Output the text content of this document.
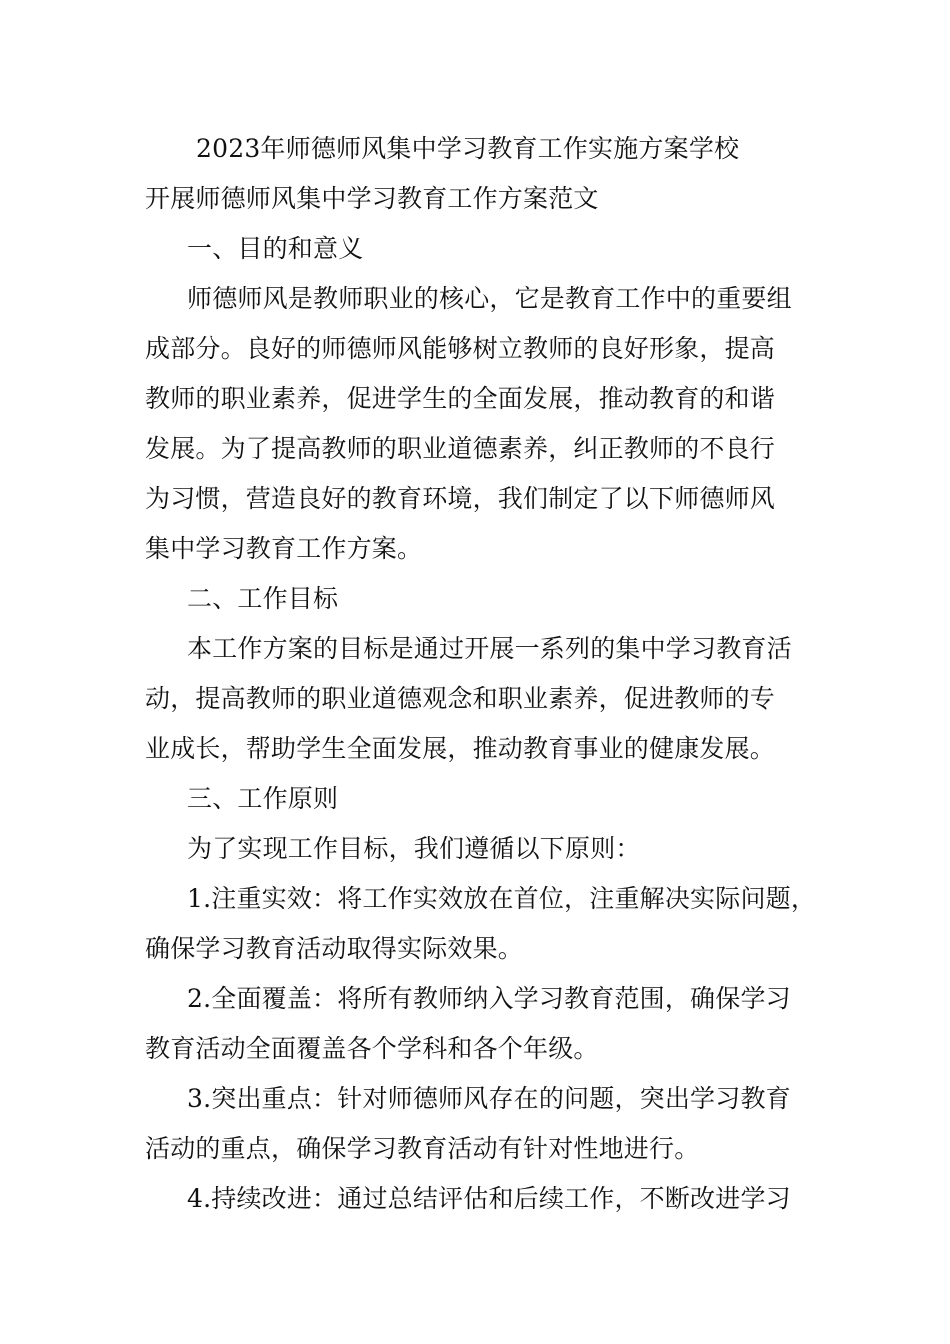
2023年师德师风集中学习教育工作实施方案学校

开展师德师风集中学习教育工作方案范文

一、目的和意义

师德师风是教师职业的核心，它是教育工作中的重要组

成部分。良好的师德师风能够树立教师的良好形象，提高

教师的职业素养，促进学生的全面发展，推动教育的和谐

发展。为了提高教师的职业道德素养，纠正教师的不良行

为习惯，营造良好的教育环境，我们制定了以下师德师风

集中学习教育工作方案。

二、工作目标

本工作方案的目标是通过开展一系列的集中学习教育活

动，提高教师的职业道德观念和职业素养，促进教师的专

业成长，帮助学生全面发展，推动教育事业的健康发展。

三、工作原则

为了实现工作目标，我们遵循以下原则：

1.注重实效：将工作实效放在首位，注重解决实际问题，

确保学习教育活动取得实际效果。

2.全面覆盖：将所有教师纳入学习教育范围，确保学习

教育活动全面覆盖各个学科和各个年级。

3.突出重点：针对师德师风存在的问题，突出学习教育

活动的重点，确保学习教育活动有针对性地进行。

4.持续改进：通过总结评估和后续工作，不断改进学习
